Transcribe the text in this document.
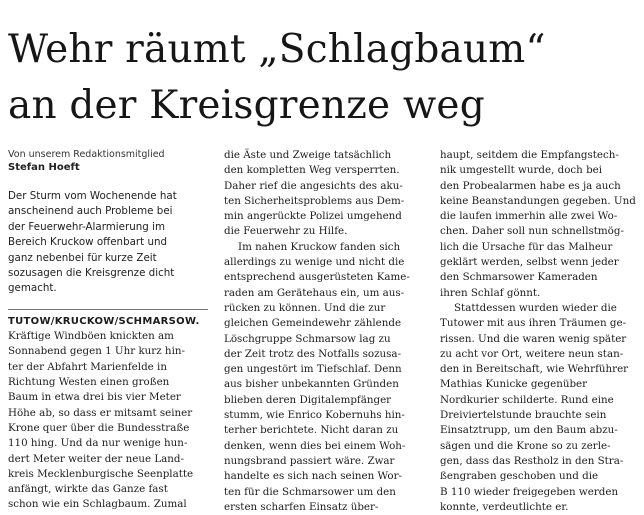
Wehr räumt „Schlagbaum“
an der Kreisgrenze weg
Von unserem Redaktionsmitglied
Stefan Hoeft
Der Sturm vom Wochenende hat
anscheinend auch Probleme bei
der Feuerwehr-Alarmierung im
Bereich Kruckow offenbart und
ganz nebenbei für kurze Zeit
sozusagen die Kreisgrenze dicht
gemacht.
TUTOW/KRUCKOW/SCHMARSOW.
Kräftige Windböen knickten am
Sonnabend gegen 1 Uhr kurz hin-
ter der Abfahrt Marienfelde in
Richtung Westen einen großen
Baum in etwa drei bis vier Meter
Höhe ab, so dass er mitsamt seiner
Krone quer über die Bundesstraße
110 hing. Und da nur wenige hun-
dert Meter weiter der neue Land-
kreis Mecklenburgische Seenplatte
anfängt, wirkte das Ganze fast
schon wie ein Schlagbaum. Zumal
die Äste und Zweige tatsächlich
den kompletten Weg versperrten.
Daher rief die angesichts des aku-
ten Sicherheitsproblems aus Dem-
min angerückte Polizei umgehend
die Feuerwehr zu Hilfe.
Im nahen Kruckow fanden sich
allerdings zu wenige und nicht die
entsprechend ausgerüsteten Kame-
raden am Gerätehaus ein, um aus-
rücken zu können. Und die zur
gleichen Gemeindewehr zählende
Löschgruppe Schmarsow lag zu
der Zeit trotz des Notfalls sozusa-
gen ungestört im Tiefschlaf. Denn
aus bisher unbekannten Gründen
blieben deren Digitalempfänger
stumm, wie Enrico Kobernuhs hin-
terher berichtete. Nicht daran zu
denken, wenn dies bei einem Woh-
nungsbrand passiert wäre. Zwar
handelte es sich nach seinen Wor-
ten für die Schmarsower um den
ersten scharfen Einsatz über-
haupt, seitdem die Empfangstech-
nik umgestellt wurde, doch bei
den Probealarmen habe es ja auch
keine Beanstandungen gegeben. Und
die laufen immerhin alle zwei Wo-
chen. Daher soll nun schnellstmög-
lich die Ursache für das Malheur
geklärt werden, selbst wenn jeder
den Schmarsower Kameraden
ihren Schlaf gönnt.
Stattdessen wurden wieder die
Tutower mit aus ihren Träumen ge-
rissen. Und die waren wenig später
zu acht vor Ort, weitere neun stan-
den in Bereitschaft, wie Wehrführer
Mathias Kunicke gegenüber
Nordkurier schilderte. Rund eine
Dreiviertelstunde brauchte sein
Einsatztrupp, um den Baum abzu-
sägen und die Krone so zu zerle-
gen, dass das Restholz in den Stra-
ßengraben geschoben und die
B 110 wieder freigegeben werden
konnte, verdeutlichte er.
